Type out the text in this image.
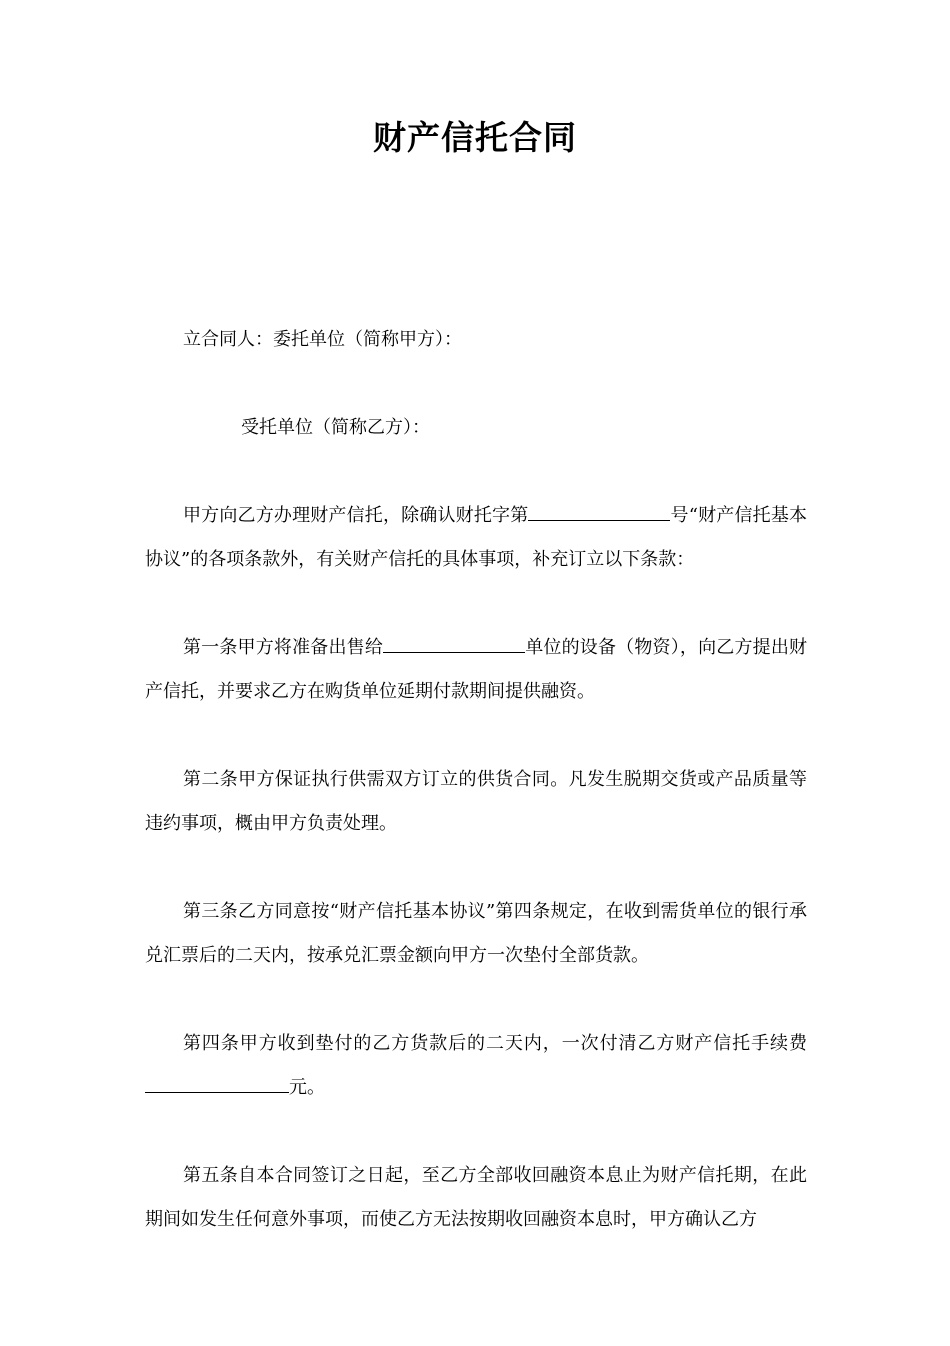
财产信托合同

立合同人：委托单位（简称甲方）：

受托单位（简称乙方）：

甲方向乙方办理财产信托，除确认财托字第	号“财产信托基本协议”的各项条款外，有关财产信托的具体事项，补充订立以下条款：

第一条甲方将准备出售给	单位的设备（物资），向乙方提出财产信托，并要求乙方在购货单位延期付款期间提供融资。

第二条甲方保证执行供需双方订立的供货合同。凡发生脱期交货或产品质量等违约事项，概由甲方负责处理。

第三条乙方同意按“财产信托基本协议”第四条规定，在收到需货单位的银行承兑汇票后的二天内，按承兑汇票金额向甲方一次垫付全部货款。

第四条甲方收到垫付的乙方货款后的二天内，一次付清乙方财产信托手续费元。

第五条自本合同签订之日起，至乙方全部收回融资本息止为财产信托期，在此期间如发生任何意外事项，而使乙方无法按期收回融资本息时，甲方确认乙方
